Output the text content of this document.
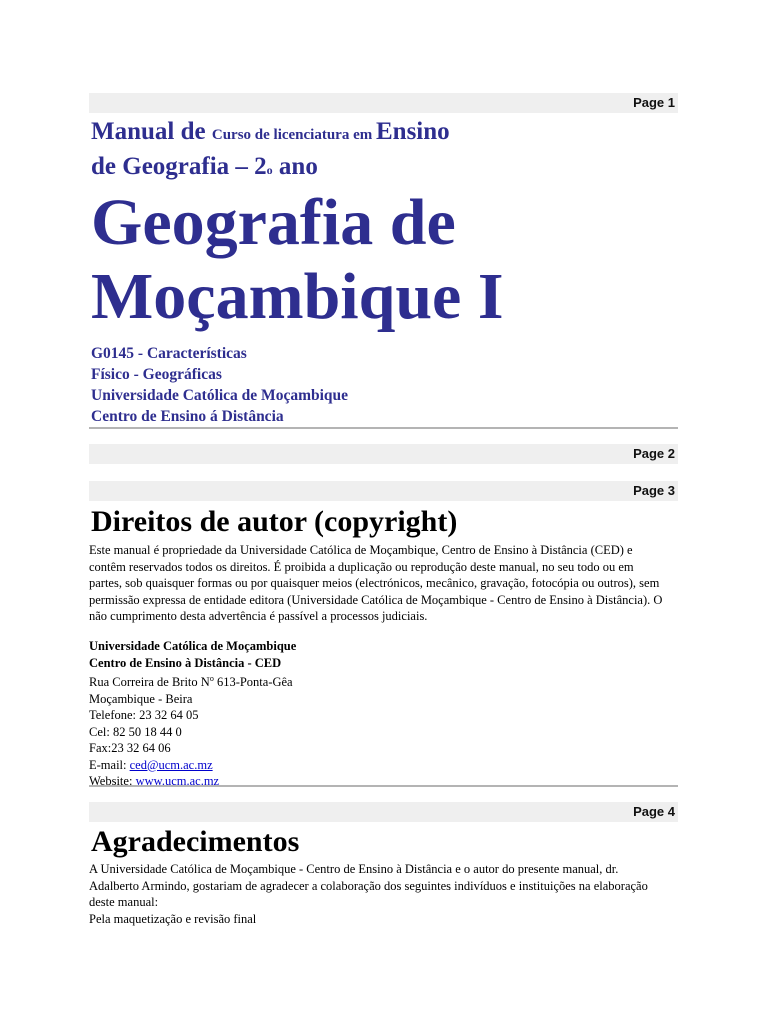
Page 1
Manual de Curso de licenciatura em Ensino
de Geografia – 2o ano
Geografia de
Moçambique I
G0145 - Características
Físico - Geográficas
Universidade Católica de Moçambique
Centro de Ensino á Distância
Page 2
Page 3
Direitos de autor (copyright)
Este manual é propriedade da Universidade Católica de Moçambique, Centro de Ensino à Distância (CED) e contêm reservados todos os direitos. É proibida a duplicação ou reprodução deste manual, no seu todo ou em partes, sob quaisquer formas ou por quaisquer meios (electrónicos, mecânico, gravação, fotocópia ou outros), sem permissão expressa de entidade editora (Universidade Católica de Moçambique - Centro de Ensino à Distância). O não cumprimento desta advertência é passível a processos judiciais.
Universidade Católica de Moçambique
Centro de Ensino à Distância - CED
Rua Correira de Brito $N^o$ 613-Ponta-Gêa
Moçambique - Beira
Telefone: 23 32 64 05
Cel: 82 50 18 44 0
Fax:23 32 64 06
E-mail: ced@ucm.ac.mz
Website: www.ucm.ac.mz
Page 4
Agradecimentos
A Universidade Católica de Moçambique - Centro de Ensino à Distância e o autor do presente manual, dr. Adalberto Armindo, gostariam de agradecer a colaboração dos seguintes indivíduos e instituições na elaboração deste manual:
Pela maquetização e revisão final
